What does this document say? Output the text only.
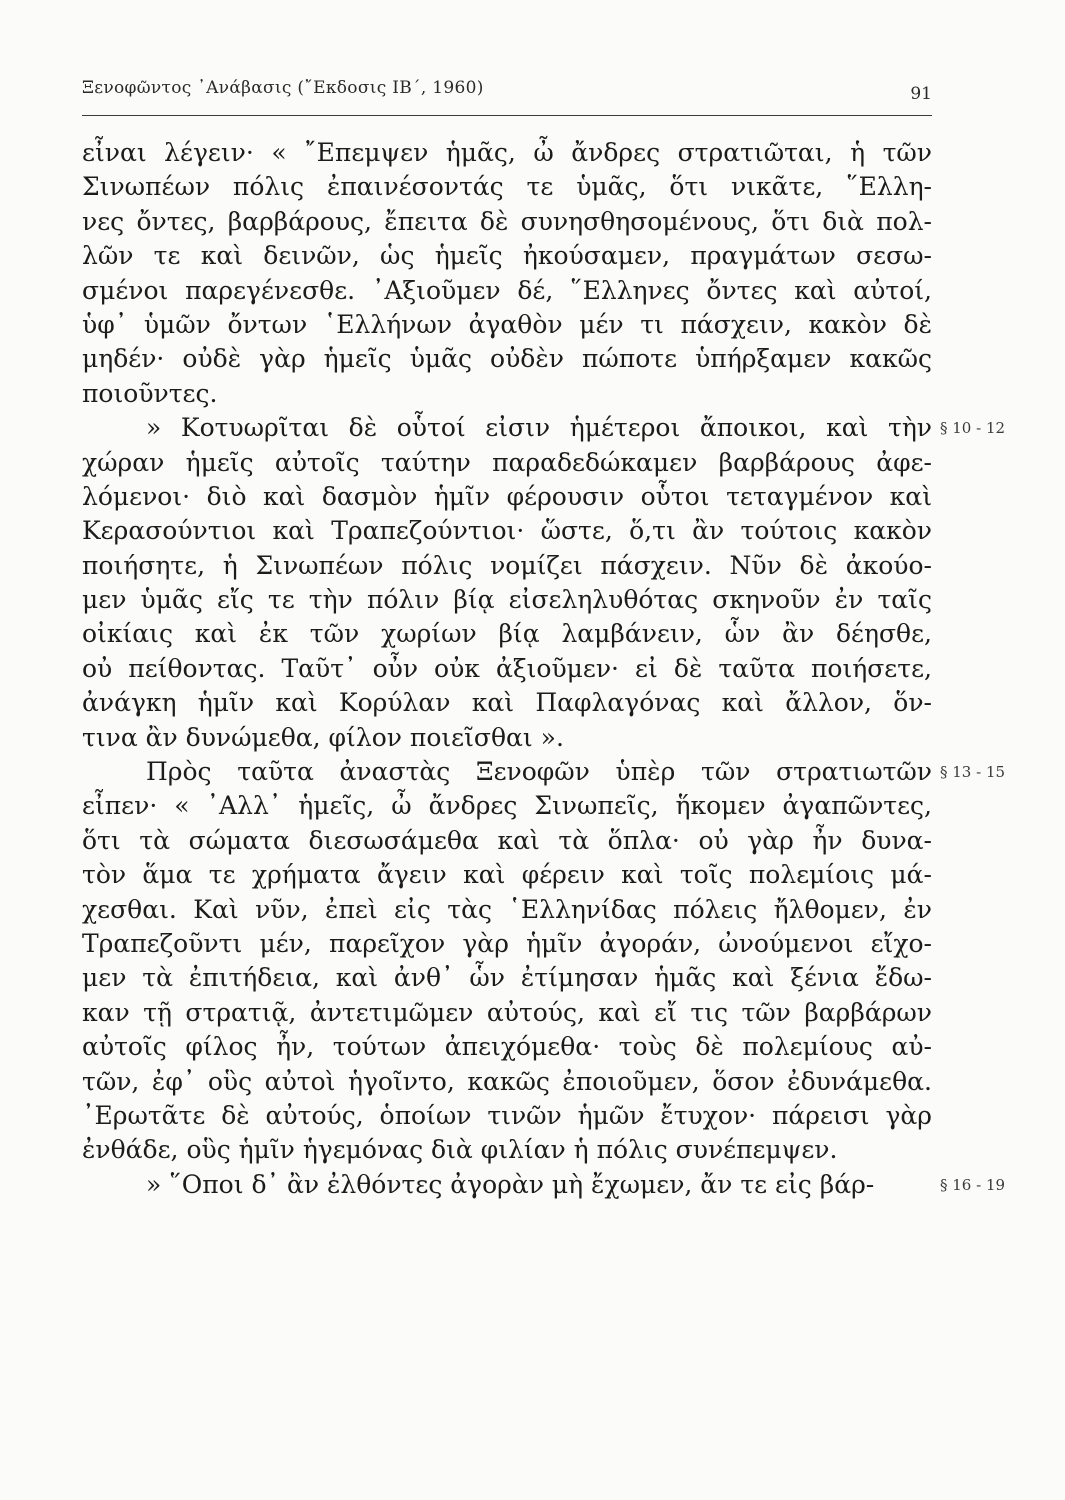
Ξενοφῶντος ᾿Ανάβασις (῎Εκδοσις ΙΒ΄, 1960)	91
εἶναι λέγειν· « ῎Επεμψεν ἡμᾶς, ὦ ἄνδρες στρατιῶται, ἡ τῶν
Σινωπέων πόλις ἐπαινέσοντάς τε ὑμᾶς, ὅτι νικᾶτε, ῞Ελλη-
νες ὄντες, βαρβάρους, ἔπειτα δὲ συνησθησομένους, ὅτι διὰ πολ-
λῶν τε καὶ δεινῶν, ὡς ἡμεῖς ἠκούσαμεν, πραγμάτων σεσω-
σμένοι παρεγένεσθε. ᾿Αξιοῦμεν δέ, ῞Ελληνες ὄντες καὶ αὐτοί,
ὑφ᾿ ὑμῶν ὄντων ῾Ελλήνων ἀγαθὸν μέν τι πάσχειν, κακὸν δὲ
μηδέν· οὐδὲ γὰρ ἡμεῖς ὑμᾶς οὐδὲν πώποτε ὑπήρξαμεν κακῶς
ποιοῦντες.
» Κοτυωρῖται δὲ οὗτοί εἰσιν ἡμέτεροι ἄποικοι, καὶ τὴν § 10 - 12
χώραν ἡμεῖς αὐτοῖς ταύτην παραδεδώκαμεν βαρβάρους ἀφε-
λόμενοι· διὸ καὶ δασμὸν ἡμῖν φέρουσιν οὗτοι τεταγμένον καὶ
Κερασούντιοι καὶ Τραπεζούντιοι· ὥστε, ὅ,τι ἂν τούτοις κακὸν
ποιήσητε, ἡ Σινωπέων πόλις νομίζει πάσχειν. Νῦν δὲ ἀκούο-
μεν ὑμᾶς εἴς τε τὴν πόλιν βίᾳ εἰσεληλυθότας σκηνοῦν ἐν ταῖς
οἰκίαις καὶ ἐκ τῶν χωρίων βίᾳ λαμβάνειν, ὧν ἂν δέησθε,
οὐ πείθοντας. Ταῦτ᾿ οὖν οὐκ ἀξιοῦμεν· εἰ δὲ ταῦτα ποιήσετε,
ἀνάγκη ἡμῖν καὶ Κορύλαν καὶ Παφλαγόνας καὶ ἄλλον, ὅν-
τινα ἂν δυνώμεθα, φίλον ποιεῖσθαι ».
Πρὸς ταῦτα ἀναστὰς Ξενοφῶν ὑπὲρ τῶν στρατιωτῶν § 13 - 15
εἶπεν· « ᾿Αλλ᾿ ἡμεῖς, ὦ ἄνδρες Σινωπεῖς, ἥκομεν ἀγαπῶντες,
ὅτι τὰ σώματα διεσωσάμεθα καὶ τὰ ὅπλα· οὐ γὰρ ἦν δυνα-
τὸν ἅμα τε χρήματα ἄγειν καὶ φέρειν καὶ τοῖς πολεμίοις μά-
χεσθαι. Καὶ νῦν, ἐπεὶ εἰς τὰς ῾Ελληνίδας πόλεις ἤλθομεν, ἐν
Τραπεζοῦντι μέν, παρεῖχον γὰρ ἡμῖν ἀγοράν, ὠνούμενοι εἴχο-
μεν τὰ ἐπιτήδεια, καὶ ἀνθ᾿ ὧν ἐτίμησαν ἡμᾶς καὶ ξένια ἔδω-
καν τῇ στρατιᾷ, ἀντετιμῶμεν αὐτούς, καὶ εἴ τις τῶν βαρβάρων
αὐτοῖς φίλος ἦν, τούτων ἀπειχόμεθα· τοὺς δὲ πολεμίους αὐ-
τῶν, ἐφ᾿ οὓς αὐτοὶ ἡγοῖντο, κακῶς ἐποιοῦμεν, ὅσον ἐδυνάμεθα.
᾿Ερωτᾶτε δὲ αὐτούς, ὁποίων τινῶν ἡμῶν ἔτυχον· πάρεισι γὰρ
ἐνθάδε, οὓς ἡμῖν ἡγεμόνας διὰ φιλίαν ἡ πόλις συνέπεμψεν.
» ῞Οποι δ᾿ ἂν ἐλθόντες ἀγορὰν μὴ ἔχωμεν, ἄν τε εἰς βάρ-	§ 16 - 19
